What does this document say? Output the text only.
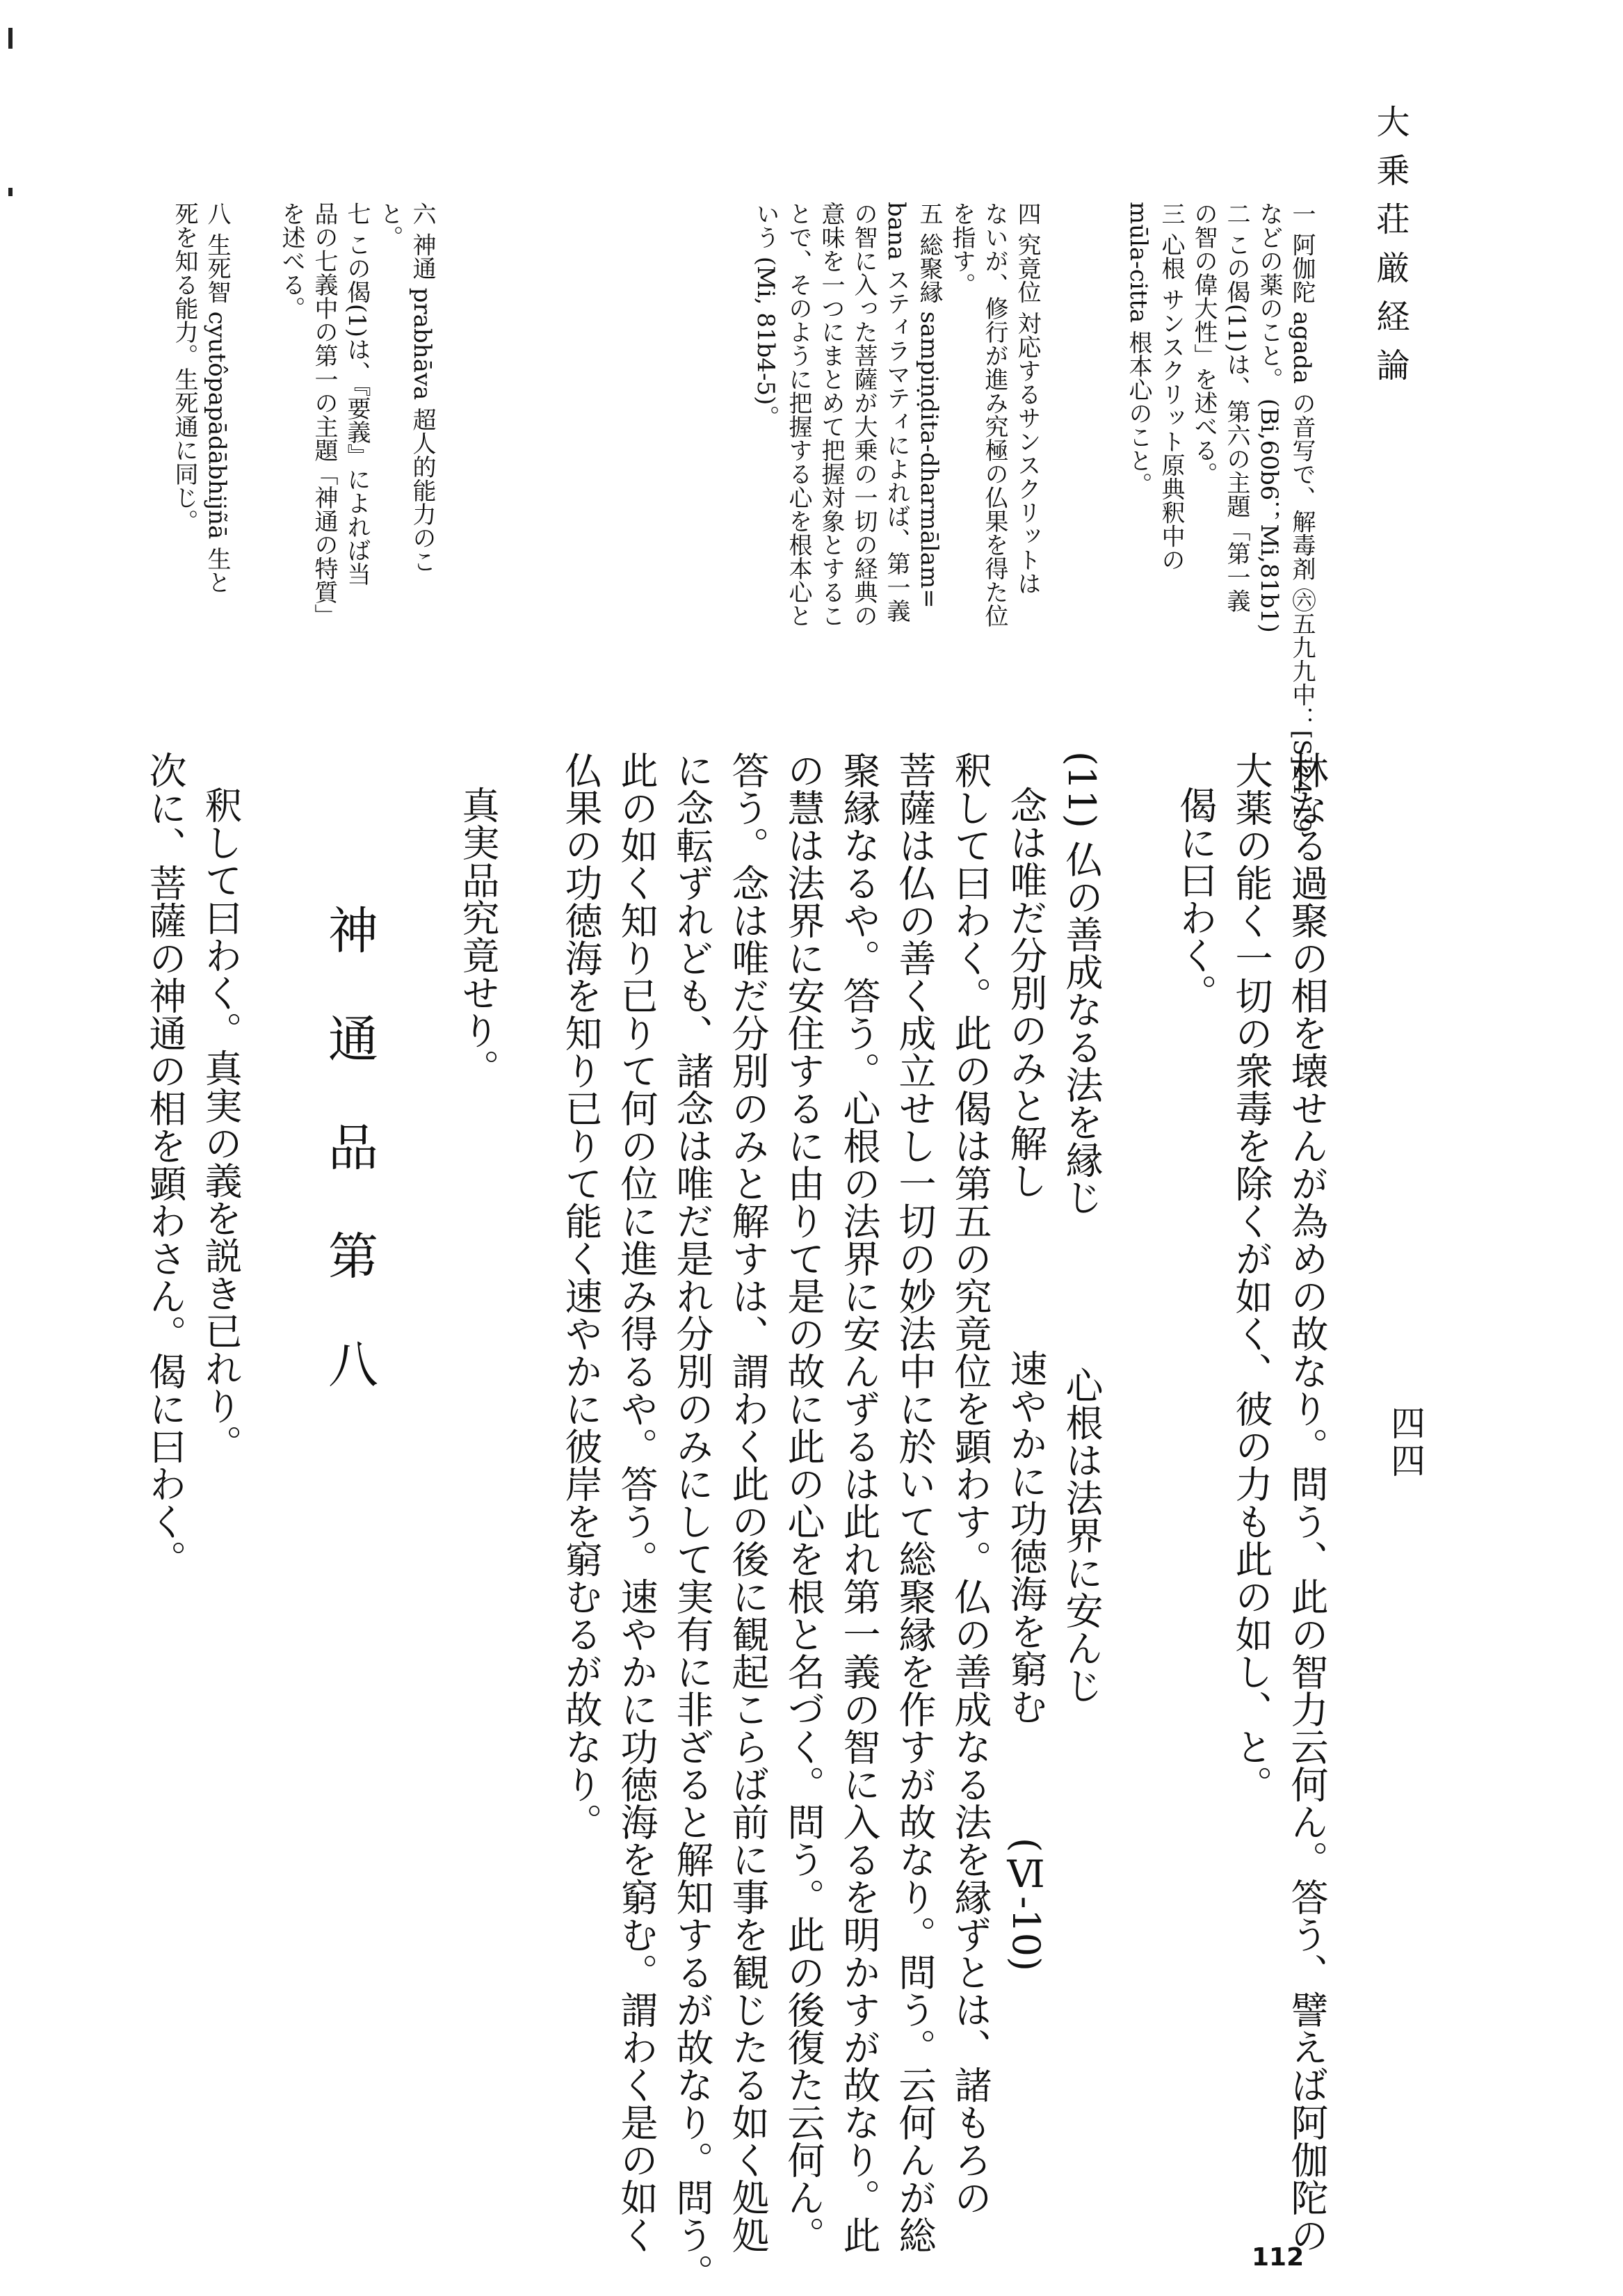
大乗荘厳経論
四四
112
林なる過聚の相を壊せんが為めの故なり。問う、此の智力云何ん。答う、譬えば阿伽陀の
大薬の能く一切の衆毒を除くが如く、彼の力も此の如し、と。
偈に曰わく。
(11) 仏の善成なる法を縁じ　　　　心根は法界に安んじ
念は唯だ分別のみと解し　　　　速やかに功徳海を窮む　　　(Ⅵ-10)
釈して曰わく。此の偈は第五の究竟位を顕わす。仏の善成なる法を縁ずとは、諸もろの
菩薩は仏の善く成立せし一切の妙法中に於いて総聚縁を作すが故なり。問う。云何んが総
聚縁なるや。答う。心根の法界に安んずるは此れ第一義の智に入るを明かすが故なり。此
の慧は法界に安住するに由りて是の故に此の心を根と名づく。問う。此の後復た云何ん。
答う。念は唯だ分別のみと解すは、謂わく此の後に観起こらば前に事を観じたる如く処処
に念転ずれども、諸念は唯だ是れ分別のみにして実有に非ざると解知するが故なり。問う。
此の如く知り已りて何の位に進み得るや。答う。速やかに功徳海を窮む。謂わく是の如く
仏果の功徳海を知り已りて能く速やかに彼岸を窮むるが故なり。
真実品究竟せり。
神通品第八
釈して曰わく。真実の義を説き已れり。
次に、菩薩の神通の相を顕わさん。偈に曰わく。
一 阿伽陀 agada の音写で、解毒剤 ㊅五九九中：[S]24,19
などの薬のこと。 (Bi,60b6；Mi,81b1)
二 この偈(11)は、第六の主題「第一義
の智の偉大性」を述べる。
三 心根 サンスクリット原典釈中の
mūla-citta 根本心のこと。
四 究竟位 対応するサンスクリットは
ないが、修行が進み究極の仏果を得た位
を指す。
五 総聚縁 sampiṇḍita-dharmālam=
bana スティラマティによれば、第一義
の智に入った菩薩が大乗の一切の経典の
意味を一つにまとめて把握対象とするこ
とで、そのように把握する心を根本心と
いう (Mi, 81b4-5)。
六 神通 prabhāva 超人的能力のこ
と。
七 この偈(1)は、『要義』によれば当
品の七義中の第一の主題「神通の特質」
を述べる。
八 生死智 cyutôpapādābhijñā 生と
死を知る能力。生死通に同じ。
